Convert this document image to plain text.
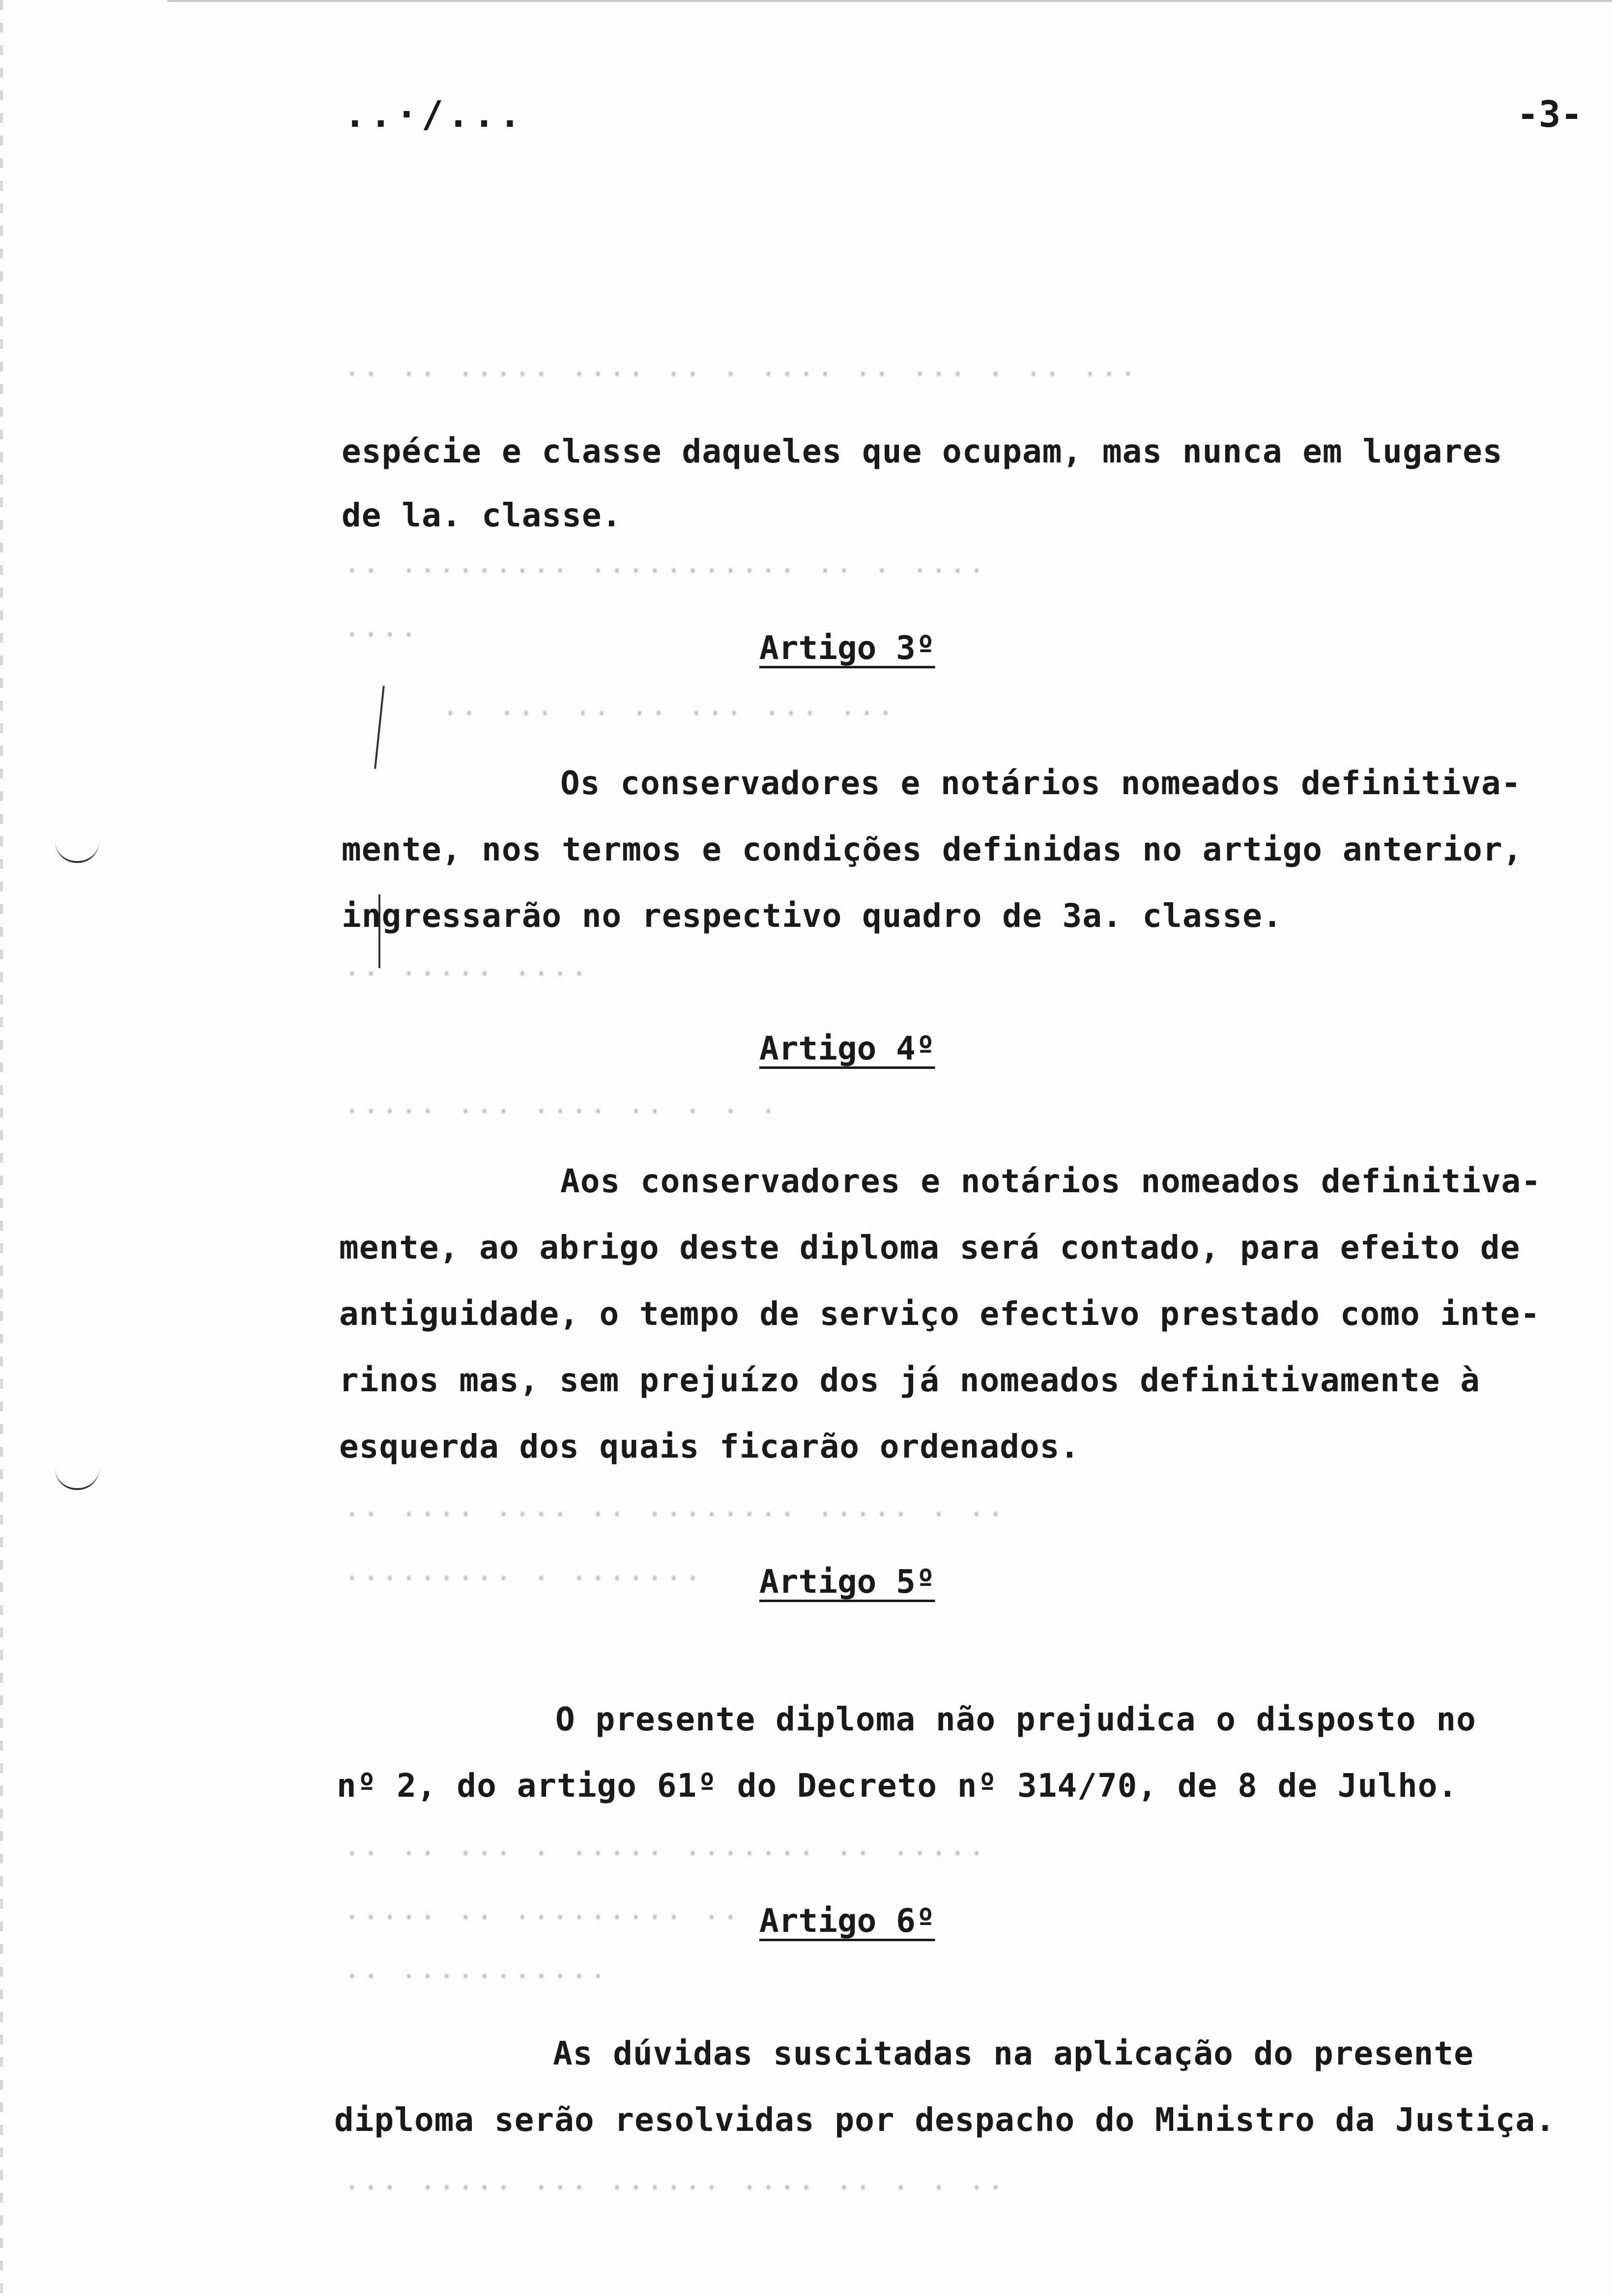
·· ·· ····· ···· ·· · ···· ·· ··· · ·· ···
·· ········· ··········· ·· · ····
····
·· ··· ·· ·· ··· ··· ···
·· ····· ····
····· ··· ···· ·· · · ·
·· ···· ···· ·· ········ ····· · ··
········· · ·······
·· ·· ··· · ····· ······· ·· ·····
····· ·· ········· ··
·· ···········
··· ····· ··· ······ ···· ·· · · ··
..·/...	-3-
espécie e classe daqueles que ocupam, mas nunca em lugares
de la. classe.
Artigo 3º
Os conservadores e notários nomeados definitiva-
mente, nos termos e condições definidas no artigo anterior,
ingressarão no respectivo quadro de 3a. classe.
Artigo 4º
Aos conservadores e notários nomeados definitiva-
mente, ao abrigo deste diploma será contado, para efeito de
antiguidade, o tempo de serviço efectivo prestado como inte-
rinos mas, sem prejuízo dos já nomeados definitivamente à
esquerda dos quais ficarão ordenados.
Artigo 5º
O presente diploma não prejudica o disposto no
nº 2, do artigo 61º do Decreto nº 314/70, de 8 de Julho.
Artigo 6º
As dúvidas suscitadas na aplicação do presente
diploma serão resolvidas por despacho do Ministro da Justiça.
